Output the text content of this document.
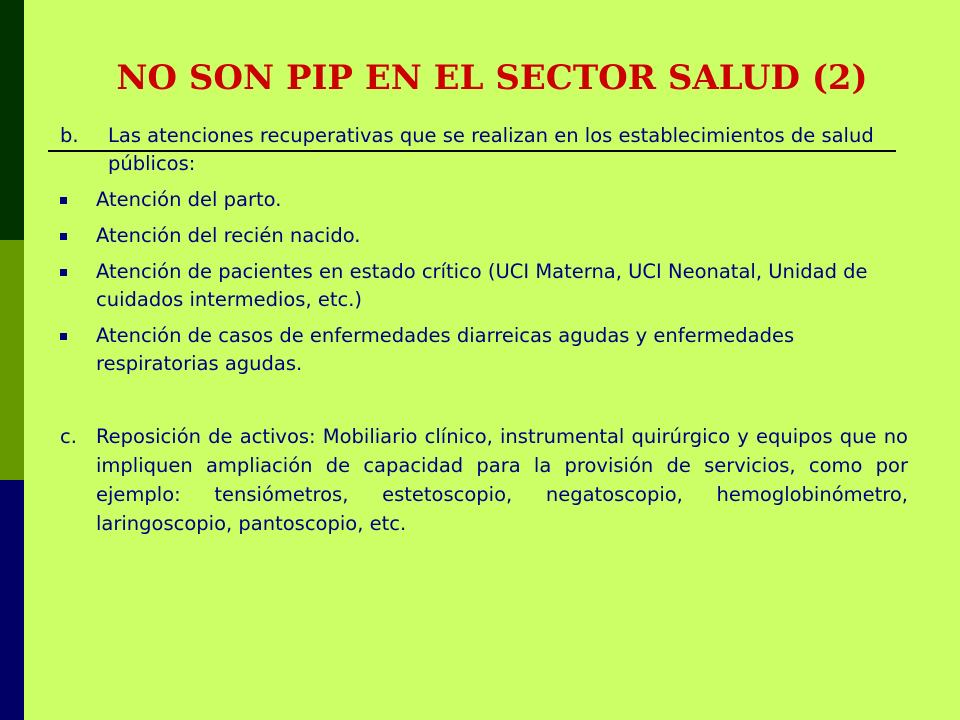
NO SON PIP EN EL SECTOR SALUD (2)

b. Las atenciones recuperativas que se realizan en los establecimientos de salud públicos:

Atención del parto.
Atención del recién nacido.
Atención de pacientes en estado crítico (UCI Materna, UCI Neonatal, Unidad de cuidados intermedios, etc.)
Atención de casos de enfermedades diarreicas agudas y enfermedades respiratorias agudas.

c. Reposición de activos: Mobiliario clínico, instrumental quirúrgico y equipos que no impliquen ampliación de capacidad para la provisión de servicios, como por ejemplo: tensiómetros, estetoscopio, negatoscopio, hemoglobinómetro, laringoscopio, pantoscopio, etc.
